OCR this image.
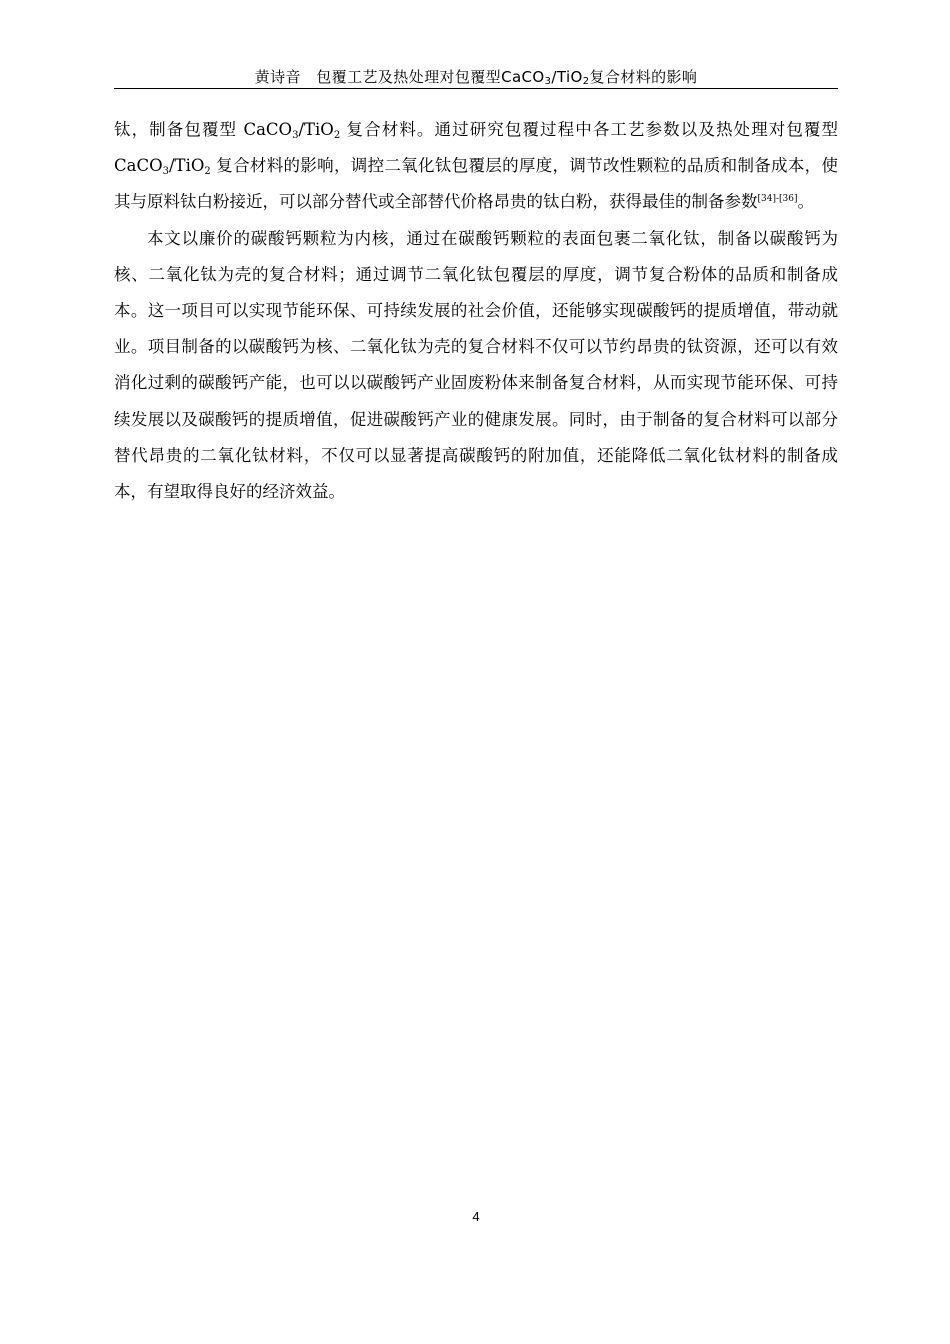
黄诗音  包覆工艺及热处理对包覆型CaCO$_3$/TiO$_2$复合材料的影响

钛，制备包覆型 CaCO$_3$/TiO$_2$ 复合材料。通过研究包覆过程中各工艺参数以及热处理对包覆型 CaCO$_3$/TiO$_2$ 复合材料的影响，调控二氧化钛包覆层的厚度，调节改性颗粒的品质和制备成本，使其与原料钛白粉接近，可以部分替代或全部替代价格昂贵的钛白粉，获得最佳的制备参数[34]-[36]。

本文以廉价的碳酸钙颗粒为内核，通过在碳酸钙颗粒的表面包裹二氧化钛，制备以碳酸钙为核、二氧化钛为壳的复合材料；通过调节二氧化钛包覆层的厚度，调节复合粉体的品质和制备成本。这一项目可以实现节能环保、可持续发展的社会价值，还能够实现碳酸钙的提质增值，带动就业。项目制备的以碳酸钙为核、二氧化钛为壳的复合材料不仅可以节约昂贵的钛资源，还可以有效消化过剩的碳酸钙产能，也可以以碳酸钙产业固废粉体来制备复合材料，从而实现节能环保、可持续发展以及碳酸钙的提质增值，促进碳酸钙产业的健康发展。同时，由于制备的复合材料可以部分替代昂贵的二氧化钛材料，不仅可以显著提高碳酸钙的附加值，还能降低二氧化钛材料的制备成本，有望取得良好的经济效益。

4
